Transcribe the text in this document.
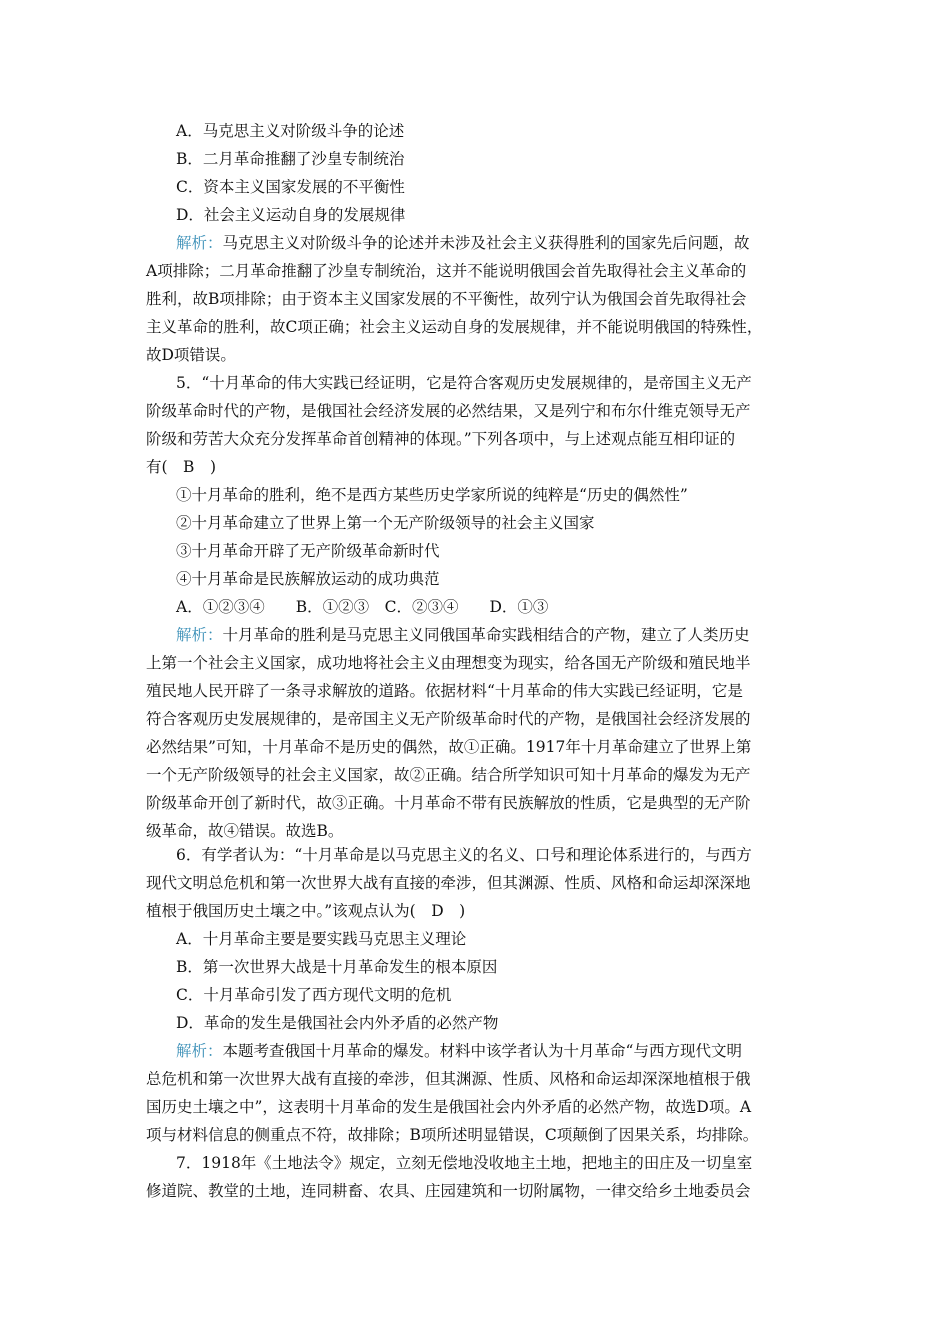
A．马克思主义对阶级斗争的论述
B．二月革命推翻了沙皇专制统治
C．资本主义国家发展的不平衡性
D．社会主义运动自身的发展规律
解析：马克思主义对阶级斗争的论述并未涉及社会主义获得胜利的国家先后问题，故
A项排除；二月革命推翻了沙皇专制统治，这并不能说明俄国会首先取得社会主义革命的
胜利，故B项排除；由于资本主义国家发展的不平衡性，故列宁认为俄国会首先取得社会
主义革命的胜利，故C项正确；社会主义运动自身的发展规律，并不能说明俄国的特殊性，
故D项错误。
5．“十月革命的伟大实践已经证明，它是符合客观历史发展规律的，是帝国主义无产
阶级革命时代的产物，是俄国社会经济发展的必然结果，又是列宁和布尔什维克领导无产
阶级和劳苦大众充分发挥革命首创精神的体现。”下列各项中，与上述观点能互相印证的
有(　B　)
①十月革命的胜利，绝不是西方某些历史学家所说的纯粹是“历史的偶然性”
②十月革命建立了世界上第一个无产阶级领导的社会主义国家
③十月革命开辟了无产阶级革命新时代
④十月革命是民族解放运动的成功典范
A．①②③④　　B．①②③　C．②③④　　D．①③
解析：十月革命的胜利是马克思主义同俄国革命实践相结合的产物，建立了人类历史
上第一个社会主义国家，成功地将社会主义由理想变为现实，给各国无产阶级和殖民地半
殖民地人民开辟了一条寻求解放的道路。依据材料“十月革命的伟大实践已经证明，它是
符合客观历史发展规律的，是帝国主义无产阶级革命时代的产物，是俄国社会经济发展的
必然结果”可知，十月革命不是历史的偶然，故①正确。1917年十月革命建立了世界上第
一个无产阶级领导的社会主义国家，故②正确。结合所学知识可知十月革命的爆发为无产
阶级革命开创了新时代，故③正确。十月革命不带有民族解放的性质，它是典型的无产阶
级革命，故④错误。故选B。
6．有学者认为：“十月革命是以马克思主义的名义、口号和理论体系进行的，与西方
现代文明总危机和第一次世界大战有直接的牵涉，但其渊源、性质、风格和命运却深深地
植根于俄国历史土壤之中。”该观点认为(　D　)
A．十月革命主要是要实践马克思主义理论
B．第一次世界大战是十月革命发生的根本原因
C．十月革命引发了西方现代文明的危机
D．革命的发生是俄国社会内外矛盾的必然产物
解析：本题考查俄国十月革命的爆发。材料中该学者认为十月革命“与西方现代文明
总危机和第一次世界大战有直接的牵涉，但其渊源、性质、风格和命运却深深地植根于俄
国历史土壤之中”，这表明十月革命的发生是俄国社会内外矛盾的必然产物，故选D项。A
项与材料信息的侧重点不符，故排除；B项所述明显错误，C项颠倒了因果关系，均排除。
7．1918年《土地法令》规定，立刻无偿地没收地主土地，把地主的田庄及一切皇室
修道院、教堂的土地，连同耕畜、农具、庄园建筑和一切附属物，一律交给乡土地委员会
